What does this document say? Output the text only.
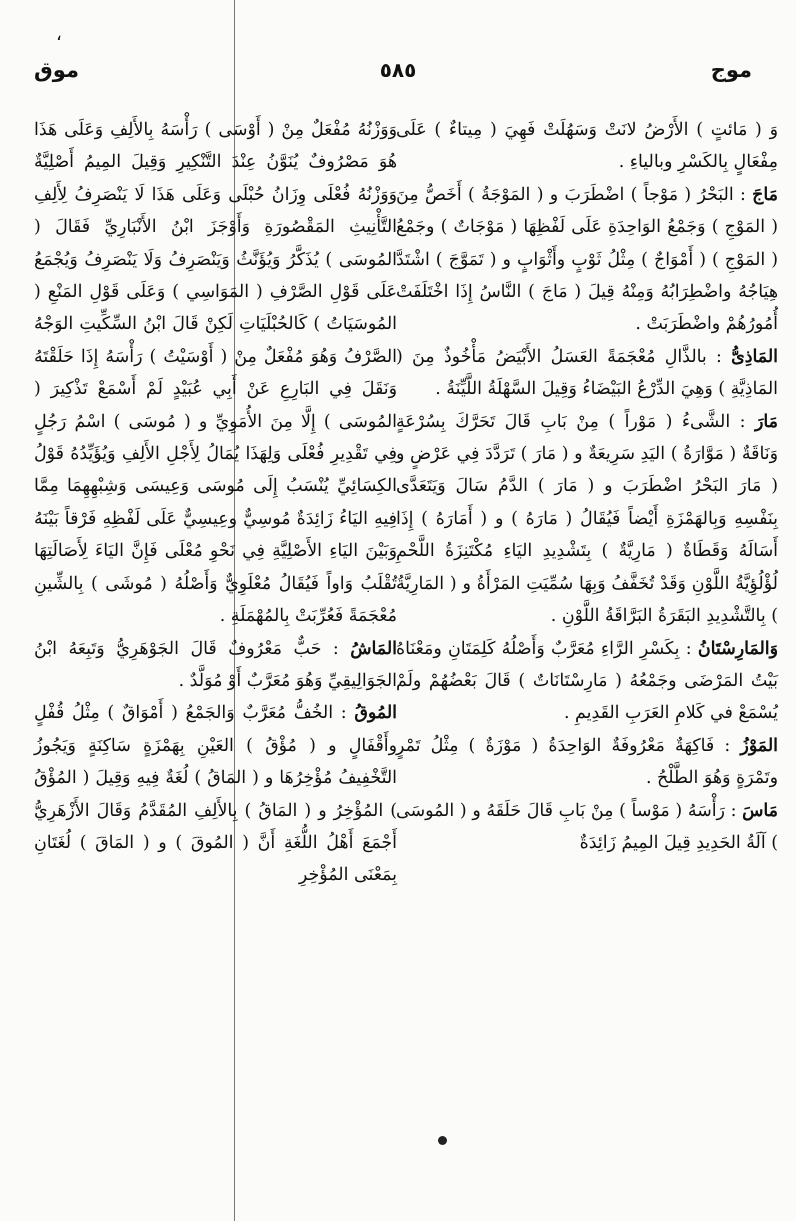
،
موج
٥٨٥
موق

وَ ( مَائتٍ ) الأَرْضُ لانَتْ وَسَهُلَتْ فَهِيَ ( مِيتاءٌ ) عَلَى مِفْعَالٍ بِالكَسْرِ وبالياءِ .

مَاجَ : البَحْرُ ( مَوْجاً ) اضْطَرَبَ و ( المَوْجَةُ ) أَخَصُّ مِنَ ( المَوْجِ ) وَجَمْعُ الوَاحِدَةِ عَلَى لَفْظِهَا ( مَوْجَاتٌ ) وجَمْعُ ( المَوْجِ ) ( أَمْوَاجٌ ) مِثْلُ ثَوْبٍ وأَثْوَابٍ و ( تَمَوَّجَ ) اشْتَدَّ هِيَاجُهُ واضْطِرَابُهُ وَمِنْهُ قِيلَ ( مَاجَ ) النَّاسُ إِذَا اخْتَلَفَتْ أُمُورُهُمْ واضْطَرَبَتْ .

المَاذِىُّ : بالذَّالِ مُعْجَمَةً العَسَلُ الأَبْيَضُ مَأْخُوذٌ مِنَ ( المَاذِيَّةِ ) وَهِيَ الدِّرْعُ البَيْضَاءُ وَقِيلَ السَّهْلَةُ اللَّيِّنَةُ .

مَارَ : الشَّىءُ ( مَوْراً ) مِنْ بَابِ قَالَ تَحَرَّكَ بِسُرْعَةٍ وَنَاقَةٌ ( مَوَّارَةُ ) اليَدِ سَرِيعَةٌ و ( مَارَ ) تَرَدَّدَ فِي عَرْضٍ و ( مَارَ البَحْرُ اضْطَرَبَ و ( مَارَ ) الدَّمُ سَالَ وَيَتَعَدَّى بِنَفْسِهِ وَبِالهَمْزَةِ أَيْضاً فَيُقَالُ ( مَارَهُ ) و ( أَمَارَهُ ) إِذَا أَسَالَهُ وَقَطَاةٌ ( مَارِيَّةٌ ) بِتَشْدِيدِ اليَاءِ مُكْتَنِزَةُ اللَّحْمِ لُؤْلُؤِيَّةُ اللَّوْنِ وَقَدْ تُخَفَّفُ وَبِهَا سُمِّيَتِ المَرْأَةُ و ( المَارِيَّةُ ) بِالتَّشْدِيدِ البَقَرَةُ البَرَّاقَةُ اللَّوْنِ .

وَالمَارِسْتَانُ : بِكَسْرِ الرَّاءِ مُعَرَّبٌ وَأَصْلُهُ كَلِمَتَانِ ومَعْنَاهُ بَيْتُ المَرْضَى وجَمْعُهُ ( مَارِسْتَانَاتٌ ) قَالَ بَعْضُهُمْ ولَمْ يُسْمَعْ في كَلامِ العَرَبِ القَدِيمِ .

المَوْزُ : فَاكِهَةٌ مَعْرُوفَةٌ الوَاحِدَةُ ( مَوْزَةٌ ) مِثْلُ تَمْرٍ وتَمْرَةٍ وَهُوَ الطَّلْحُ .

مَاسَ : رَأْسَهُ ( مَوْساً ) مِنْ بَابِ قَالَ حَلَقَهُ و ( المُوسَى ) آلَةُ الحَدِيدِ قِيلَ المِيمُ زَائِدَةٌ

وَوَزْنُهُ مُفْعَلٌ مِنْ ( أَوْسَى ) رَأْسَهُ بِالأَلِفِ وَعَلَى هَذَا هُوَ مَصْرُوفٌ يُنَوَّنُ عِنْدَ التَّنْكِيرِ وَقِيلَ المِيمُ أَصْلِيَّةٌ وَوَزْنُهُ فُعْلَى وِزَانُ حُبْلَى وَعَلَى هَذَا لَا يَنْصَرِفُ لِأَلِفِ التَّأْنِيثِ المَقْصُورَةِ وَأَوْجَزَ ابْنُ الأَنْبَارِيِّ فَقَالَ ( المُوسَى ) يُذَكَّرُ وَيُؤَنَّثُ وَيَنْصَرِفُ وَلَا يَنْصَرِفُ وَيُجْمَعُ عَلَى قَوْلِ الصَّرْفِ ( المَوَاسِي ) وَعَلَى قَوْلِ المَنْعِ ( المُوسَيَاتُ ) كَالحُبْلَيَاتِ لَكِنْ قَالَ ابْنُ السِّكِّيتِ الوَجْهُ الصَّرْفُ وَهُوَ مُفْعَلٌ مِنْ ( أَوْسَيْتُ ) رَأْسَهُ إِذَا حَلَقْتَهُ وَنَقَلَ فِي البَارِعِ عَنْ أَبِي عُبَيْدٍ لَمْ أَسْمَعْ تَذْكِيرَ ( المُوسَى ) إِلَّا مِنَ الأُمَوِيِّ و ( مُوسَى ) اسْمُ رَجُلٍ فِي تَقْدِيرِ فُعْلَى وَلِهَذَا يُمَالُ لِأَجْلِ الأَلِفِ وَيُؤَيِّدُهُ قَوْلُ الكِسَائِيِّ يُنْسَبُ إِلَى مُوسَى وَعِيسَى وَشِبْهِهِمَا مِمَّا فِيهِ اليَاءُ زَائِدَةٌ مُوسِيٌّ وعِيسِيٌّ عَلَى لَفْظِهِ فَرْقاً بَيْنَهُ وَبَيْنَ اليَاءِ الأَصْلِيَّةِ فِي نَحْوِ مُعْلَى فَإِنَّ اليَاءَ لِأَصَالَتِهَا تُقْلَبُ وَاواً فَيُقَالُ مُعْلَوِيٌّ وَأَصْلُهُ ( مُوشَى ) بِالشِّينِ مُعْجَمَةً فَعُرِّبَتْ بِالمُهْمَلَةِ .

المَاشُ : حَبٌّ مَعْرُوفٌ قَالَ الجَوْهَرِيُّ وَتَبِعَهُ ابْنُ الجَوَالِيقِيِّ وَهُوَ مُعَرَّبٌ أَوْ مُوَلَّدٌ .

المُوقُ : الخُفُّ مُعَرَّبٌ وَالجَمْعُ ( أَمْوَاقٌ ) مِثْلُ قُفْلٍ وأَقْفَالٍ و ( مُؤْقُ ) العَيْنِ بِهَمْزَةٍ سَاكِنَةٍ وَيَجُوزُ التَّخْفِيفُ مُؤْخِرُهَا و ( المَاقُ ) لُغَةٌ فِيهِ وَقِيلَ ( المُؤْقُ ) المُؤْخِرُ و ( المَاقُ ) بِالأَلِفِ المُقَدَّمُ وَقَالَ الأَزْهَرِيُّ أَجْمَعَ أَهْلُ اللُّغَةِ أَنَّ ( المُوقَ ) و ( المَاقَ ) لُغَتَانِ بِمَعْنَى المُؤْخِرِ
